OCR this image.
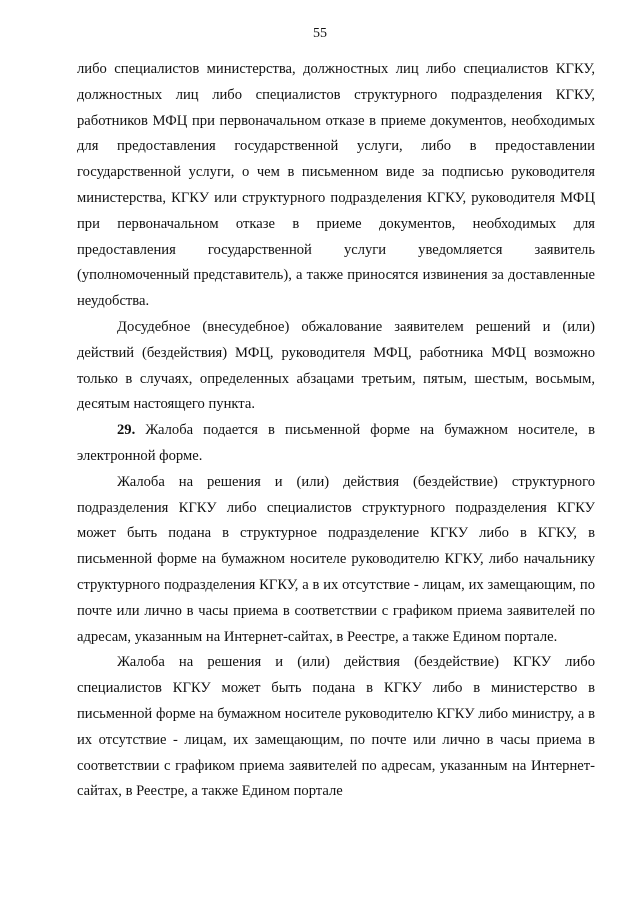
55

либо специалистов министерства, должностных лиц либо специалистов КГКУ, должностных лиц либо специалистов структурного подразделения КГКУ, работников МФЦ при первоначальном отказе в приеме документов, необходимых для предоставления государственной услуги, либо в предоставлении государственной услуги, о чем в письменном виде за подписью руководителя министерства, КГКУ или структурного подразделения КГКУ, руководителя МФЦ при первоначальном отказе в приеме документов, необходимых для предоставления государственной услуги уведомляется заявитель (уполномоченный представитель), а также приносятся извинения за доставленные неудобства.

Досудебное (внесудебное) обжалование заявителем решений и (или) действий (бездействия) МФЦ, руководителя МФЦ, работника МФЦ возможно только в случаях, определенных абзацами третьим, пятым, шестым, восьмым, десятым настоящего пункта.

29. Жалоба подается в письменной форме на бумажном носителе, в электронной форме.

Жалоба на решения и (или) действия (бездействие) структурного подразделения КГКУ либо специалистов структурного подразделения КГКУ может быть подана в структурное подразделение КГКУ либо в КГКУ, в письменной форме на бумажном носителе руководителю КГКУ, либо начальнику структурного подразделения КГКУ, а в их отсутствие - лицам, их замещающим, по почте или лично в часы приема в соответствии с графиком приема заявителей по адресам, указанным на Интернет-сайтах, в Реестре, а также Едином портале.

Жалоба на решения и (или) действия (бездействие) КГКУ либо специалистов КГКУ может быть подана в КГКУ либо в министерство в письменной форме на бумажном носителе руководителю КГКУ либо министру, а в их отсутствие - лицам, их замещающим, по почте или лично в часы приема в соответствии с графиком приема заявителей по адресам, указанным на Интернет-сайтах, в Реестре, а также Едином портале
